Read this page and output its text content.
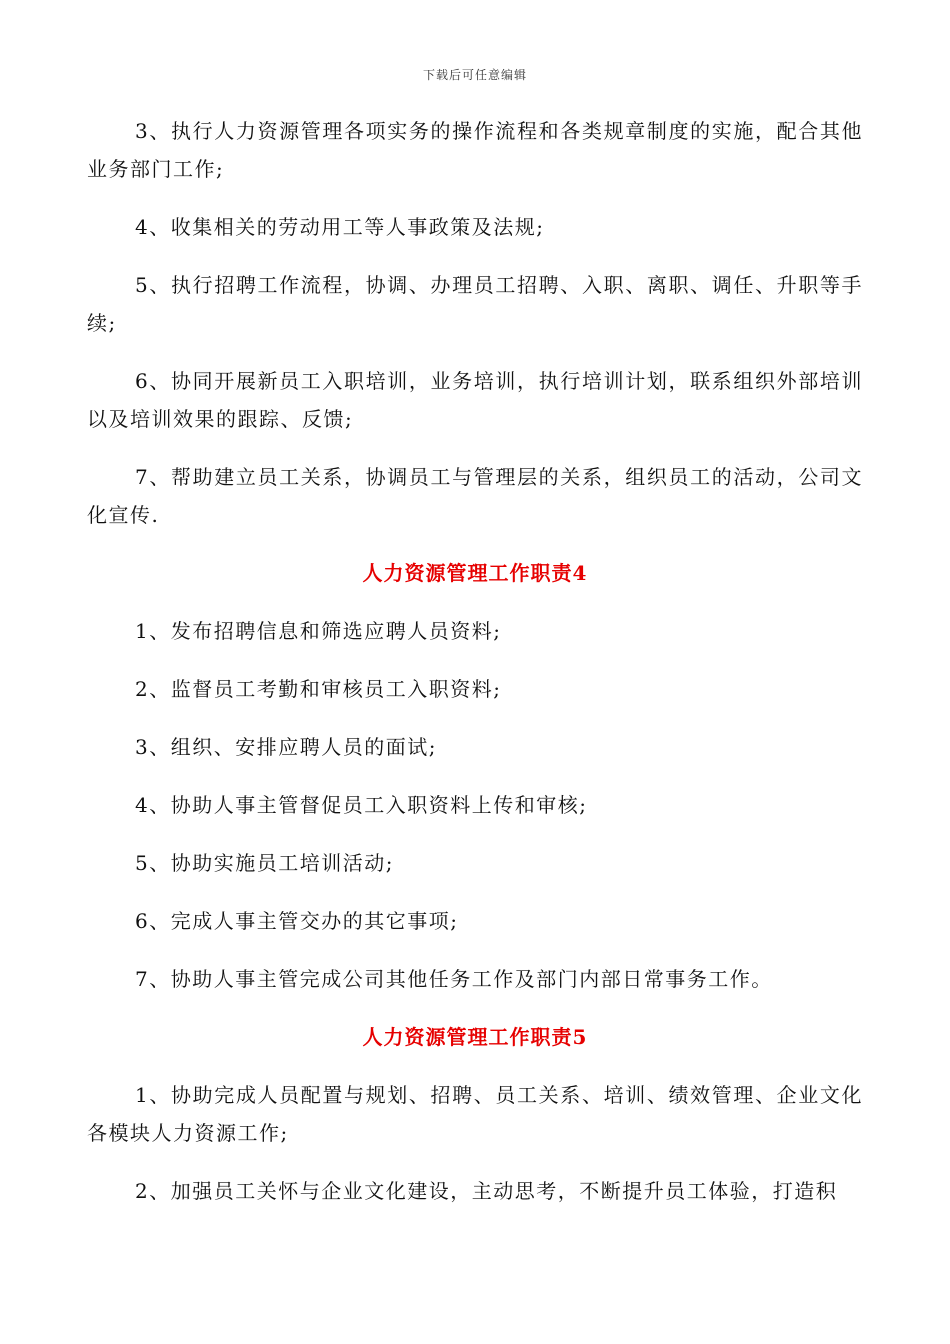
下载后可任意编辑

3、执行人力资源管理各项实务的操作流程和各类规章制度的实施，配合其他业务部门工作;

4、收集相关的劳动用工等人事政策及法规;

5、执行招聘工作流程，协调、办理员工招聘、入职、离职、调任、升职等手续;

6、协同开展新员工入职培训，业务培训，执行培训计划，联系组织外部培训以及培训效果的跟踪、反馈;

7、帮助建立员工关系，协调员工与管理层的关系，组织员工的活动，公司文化宣传.

人力资源管理工作职责4

1、发布招聘信息和筛选应聘人员资料;

2、监督员工考勤和审核员工入职资料;

3、组织、安排应聘人员的面试;

4、协助人事主管督促员工入职资料上传和审核;

5、协助实施员工培训活动;

6、完成人事主管交办的其它事项;

7、协助人事主管完成公司其他任务工作及部门内部日常事务工作。

人力资源管理工作职责5

1、协助完成人员配置与规划、招聘、员工关系、培训、绩效管理、企业文化各模块人力资源工作;

2、加强员工关怀与企业文化建设，主动思考，不断提升员工体验，打造积
